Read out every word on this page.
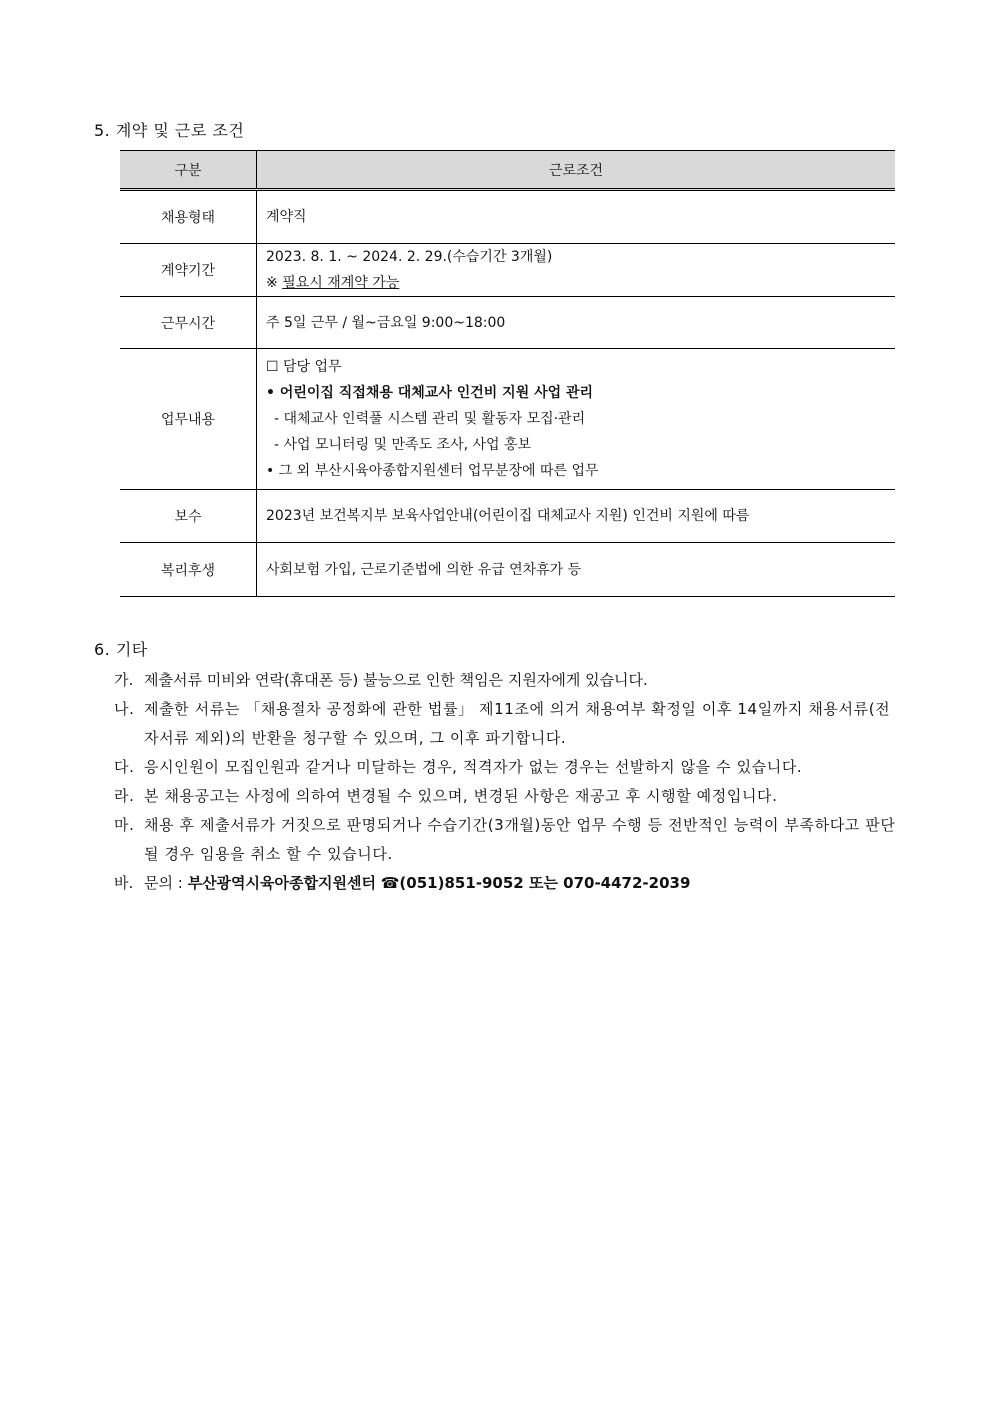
5. 계약 및 근로 조건
구분	근로조건
채용형태	계약직
계약기간	2023. 8. 1. ~ 2024. 2. 29.(수습기간 3개월)
※ 필요시 재계약 가능

근무시간	주 5일 근무 / 월~금요일 9:00~18:00
업무내용	☐ 담당 업무
• 어린이집 직접채용 대체교사 인건비 지원 사업 관리
- 대체교사 인력풀 시스템 관리 및 활동자 모집·관리
- 사업 모니터링 및 만족도 조사, 사업 홍보
• 그 외 부산시육아종합지원센터 업무분장에 따른 업무

보수	2023년 보건복지부 보육사업안내(어린이집 대체교사 지원) 인건비 지원에 따름
복리후생	사회보험 가입, 근로기준법에 의한 유급 연차휴가 등
6. 기타
가. 제출서류 미비와 연락(휴대폰 등) 불능으로 인한 책임은 지원자에게 있습니다.
나. 제출한 서류는 「채용절차 공정화에 관한 법률」 제11조에 의거 채용여부 확정일 이후 14일까지 채용서류(전자서류 제외)의 반환을 청구할 수 있으며, 그 이후 파기합니다.
다. 응시인원이 모집인원과 같거나 미달하는 경우, 적격자가 없는 경우는 선발하지 않을 수 있습니다.
라. 본 채용공고는 사정에 의하여 변경될 수 있으며, 변경된 사항은 재공고 후 시행할 예정입니다.
마. 채용 후 제출서류가 거짓으로 판명되거나 수습기간(3개월)동안 업무 수행 등 전반적인 능력이 부족하다고 판단될 경우 임용을 취소 할 수 있습니다.
바. 문의 : 부산광역시육아종합지원센터 ☎(051)851-9052 또는 070-4472-2039
